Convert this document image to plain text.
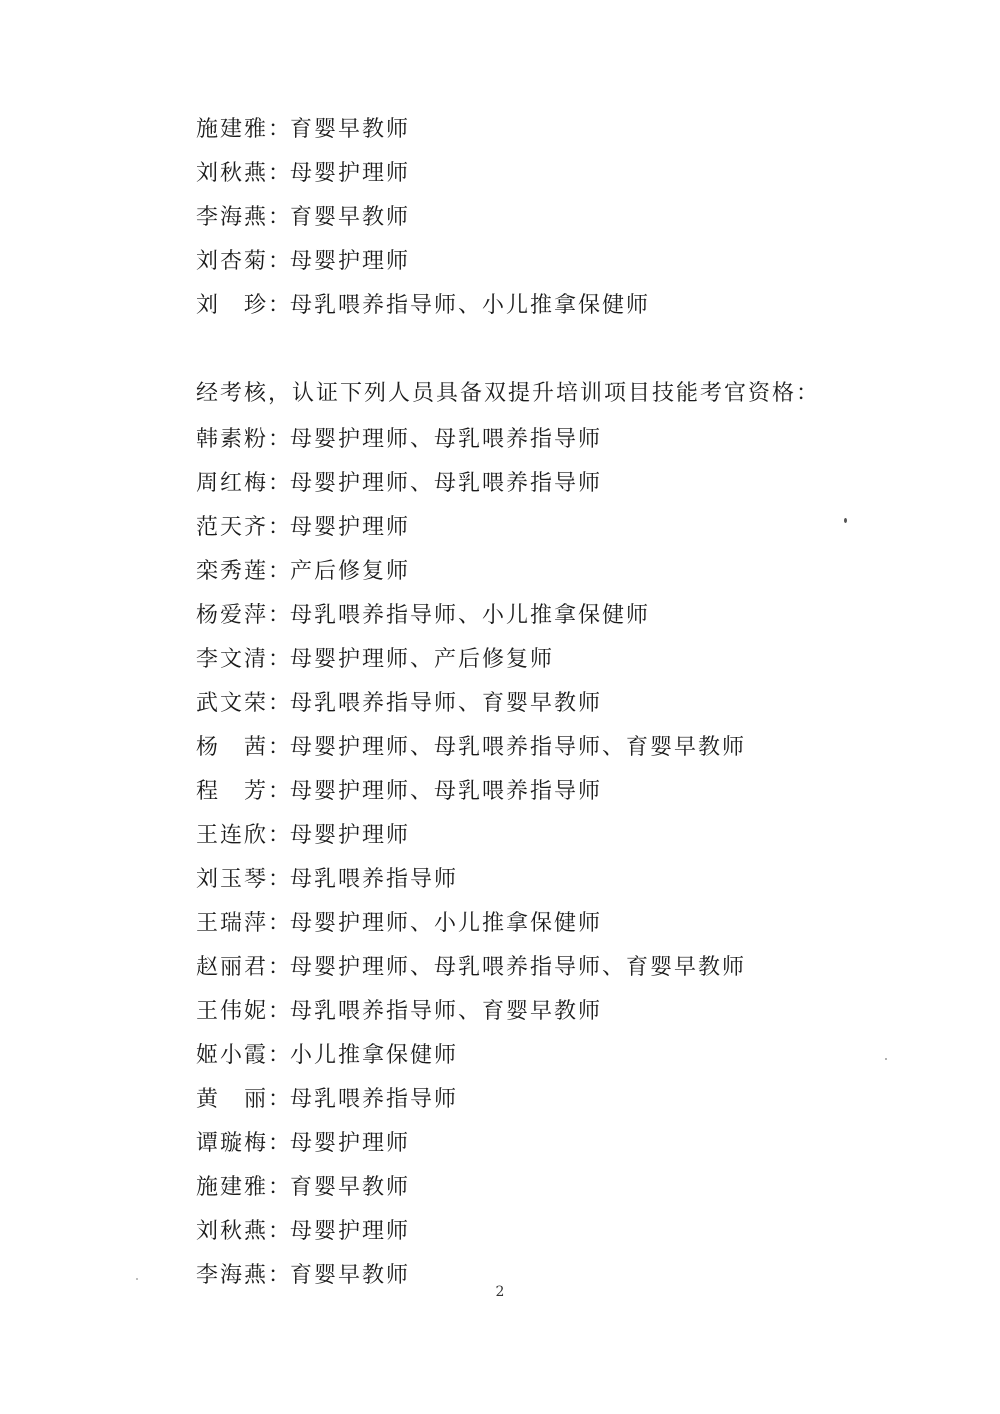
施建雅：育婴早教师
刘秋燕：母婴护理师
李海燕：育婴早教师
刘杏菊：母婴护理师
刘　珍：母乳喂养指导师、小儿推拿保健师
经考核，认证下列人员具备双提升培训项目技能考官资格：
韩素粉：母婴护理师、母乳喂养指导师
周红梅：母婴护理师、母乳喂养指导师
范天齐：母婴护理师
栾秀莲：产后修复师
杨爱萍：母乳喂养指导师、小儿推拿保健师
李文清：母婴护理师、产后修复师
武文荣：母乳喂养指导师、育婴早教师
杨　茜：母婴护理师、母乳喂养指导师、育婴早教师
程　芳：母婴护理师、母乳喂养指导师
王连欣：母婴护理师
刘玉琴：母乳喂养指导师
王瑞萍：母婴护理师、小儿推拿保健师
赵丽君：母婴护理师、母乳喂养指导师、育婴早教师
王伟妮：母乳喂养指导师、育婴早教师
姬小霞：小儿推拿保健师
黄　丽：母乳喂养指导师
谭璇梅：母婴护理师
施建雅：育婴早教师
刘秋燕：母婴护理师
李海燕：育婴早教师
2
